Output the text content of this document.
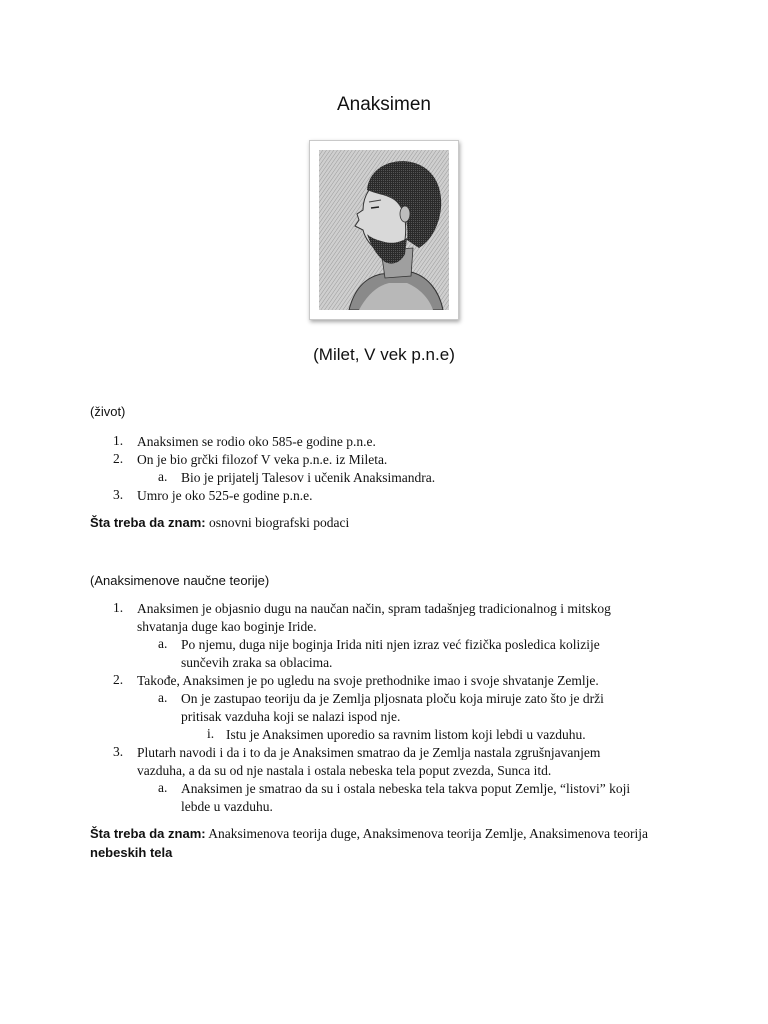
Anaksimen
(Milet, V vek p.n.e)
(život)
1. Anaksimen se rodio oko 585-e godine p.n.e.
2. On je bio grčki filozof V veka p.n.e. iz Mileta.
a. Bio je prijatelj Talesov i učenik Anaksimandra.
3. Umro je oko 525-e godine p.n.e.
Šta treba da znam: osnovni biografski podaci
(Anaksimenove naučne teorije)
1. Anaksimen je objasnio dugu na naučan način, spram tadašnjeg tradicionalnog i mitskog
shvatanja duge kao boginje Iride.
a. Po njemu, duga nije boginja Irida niti njen izraz već fizička posledica kolizije
sunčevih zraka sa oblacima.
2. Takođe, Anaksimen je po ugledu na svoje prethodnike imao i svoje shvatanje Zemlje.
a. On je zastupao teoriju da je Zemlja pljosnata ploču koja miruje zato što je drži
pritisak vazduha koji se nalazi ispod nje.
i. Istu je Anaksimen uporedio sa ravnim listom koji lebdi u vazduhu.
3. Plutarh navodi i da i to da je Anaksimen smatrao da je Zemlja nastala zgrušnjavanjem
vazduha, a da su od nje nastala i ostala nebeska tela poput zvezda, Sunca itd.
a. Anaksimen je smatrao da su i ostala nebeska tela takva poput Zemlje, “listovi” koji
lebde u vazduhu.
Šta treba da znam: Anaksimenova teorija duge, Anaksimenova teorija Zemlje, Anaksimenova teorija
nebeskih tela
